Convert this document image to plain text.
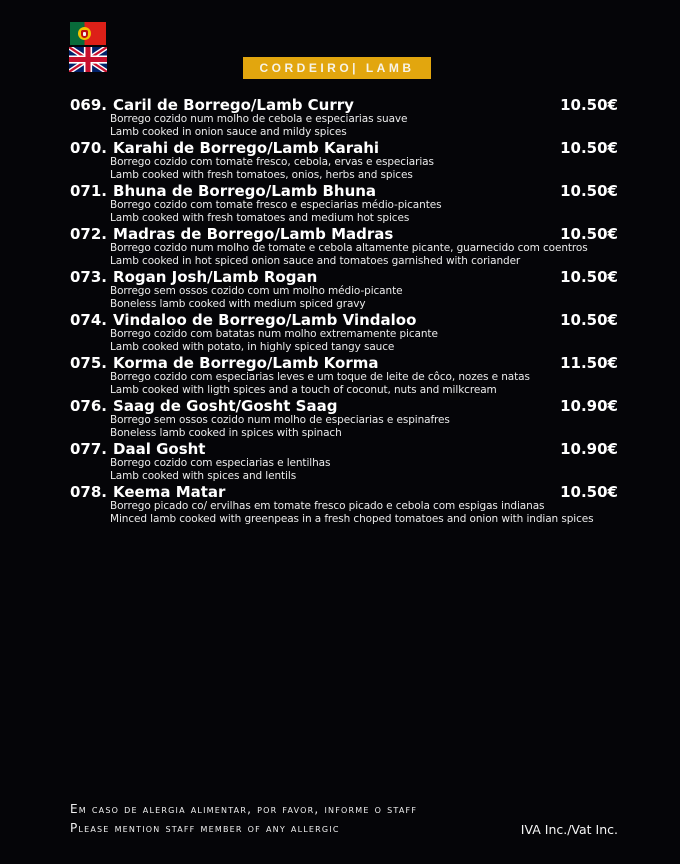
CORDEIRO| LAMB
069. Caril de Borrego/Lamb Curry	10.50€
Borrego cozido num molho de cebola e especiarias suave
Lamb cooked in onion sauce and mildy spices
070. Karahi de Borrego/Lamb Karahi	10.50€
Borrego cozido com tomate fresco, cebola, ervas e especiarias
Lamb cooked with fresh tomatoes, onios, herbs and spices
071. Bhuna de Borrego/Lamb Bhuna	10.50€
Borrego cozido com tomate fresco e especiarias médio-picantes
Lamb cooked with fresh tomatoes and medium hot spices
072. Madras de Borrego/Lamb Madras	10.50€
Borrego cozido num molho de tomate e cebola altamente picante, guarnecido com coentros
Lamb cooked in hot spiced onion sauce and tomatoes garnished with coriander
073. Rogan Josh/Lamb Rogan	10.50€
Borrego sem ossos cozido com um molho médio-picante
Boneless lamb cooked with medium spiced gravy
074. Vindaloo de Borrego/Lamb Vindaloo	10.50€
Borrego cozido com batatas num molho extremamente picante
Lamb cooked with potato, in highly spiced tangy sauce
075. Korma de Borrego/Lamb Korma	11.50€
Borrego cozido com especiarias leves e um toque de leite de côco, nozes e natas
Lamb cooked with ligth spices and a touch of coconut, nuts and milkcream
076. Saag de Gosht/Gosht Saag	10.90€
Borrego sem ossos cozido num molho de especiarias e espinafres
Boneless lamb cooked in spices with spinach
077. Daal Gosht	10.90€
Borrego cozido com especiarias e lentilhas
Lamb cooked with spices and lentils
078. Keema Matar	10.50€
Borrego picado co/ ervilhas em tomate fresco picado e cebola com espigas indianas
Minced lamb cooked with greenpeas in a fresh choped tomatoes and onion with indian spices
Em caso de alergia alimentar, por favor, informe o staff
Please mention staff member of any allergic	IVA Inc./Vat Inc.
